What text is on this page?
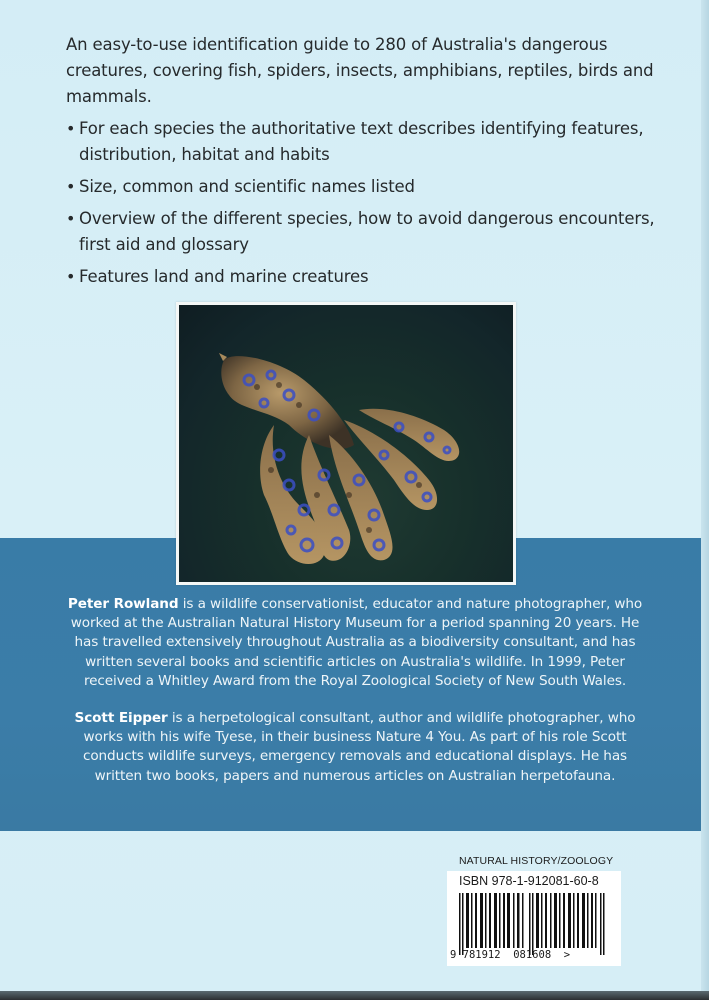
An easy-to-use identification guide to 280 of Australia's dangerous creatures, covering fish, spiders, insects, amphibians, reptiles, birds and mammals.

• For each species the authoritative text describes identifying features, distribution, habitat and habits
• Size, common and scientific names listed
• Overview of the different species, how to avoid dangerous encounters, first aid and glossary
• Features land and marine creatures

Peter Rowland is a wildlife conservationist, educator and nature photographer, who worked at the Australian Natural History Museum for a period spanning 20 years. He has travelled extensively throughout Australia as a biodiversity consultant, and has written several books and scientific articles on Australia's wildlife. In 1999, Peter received a Whitley Award from the Royal Zoological Society of New South Wales.

Scott Eipper is a herpetological consultant, author and wildlife photographer, who works with his wife Tyese, in their business Nature 4 You. As part of his role Scott conducts wildlife surveys, emergency removals and educational displays. He has written two books, papers and numerous articles on Australian herpetofauna.

NATURAL HISTORY/ZOOLOGY
ISBN 978-1-912081-60-8
9 781912  081608  >
